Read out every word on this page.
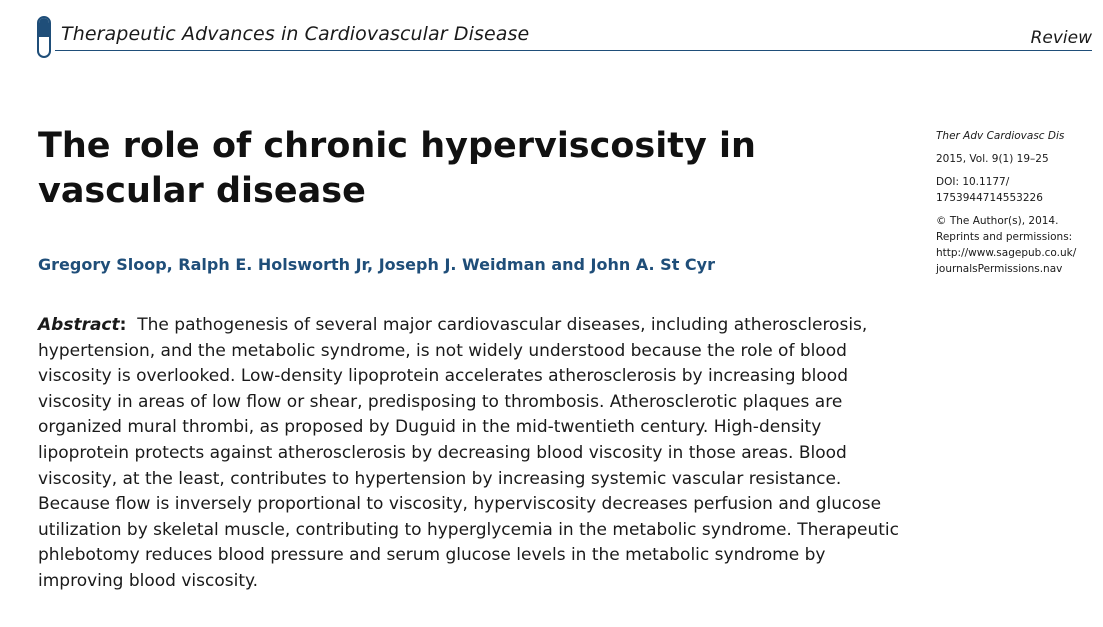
Therapeutic Advances in Cardiovascular Disease	Review
The role of chronic hyperviscosity in vascular disease
Gregory Sloop, Ralph E. Holsworth Jr, Joseph J. Weidman and John A. St Cyr
Ther Adv Cardiovasc Dis
2015, Vol. 9(1) 19–25
DOI: 10.1177/
1753944714553226
© The Author(s), 2014.
Reprints and permissions:
http://www.sagepub.co.uk/
journalsPermissions.nav
Abstract: The pathogenesis of several major cardiovascular diseases, including atherosclerosis, hypertension, and the metabolic syndrome, is not widely understood because the role of blood viscosity is overlooked. Low-density lipoprotein accelerates atherosclerosis by increasing blood viscosity in areas of low flow or shear, predisposing to thrombosis. Atherosclerotic plaques are organized mural thrombi, as proposed by Duguid in the mid-twentieth century. High-density lipoprotein protects against atherosclerosis by decreasing blood viscosity in those areas. Blood viscosity, at the least, contributes to hypertension by increasing systemic vascular resistance. Because flow is inversely proportional to viscosity, hyperviscosity decreases perfusion and glucose utilization by skeletal muscle, contributing to hyperglycemia in the metabolic syndrome. Therapeutic phlebotomy reduces blood pressure and serum glucose levels in the metabolic syndrome by improving blood viscosity.
